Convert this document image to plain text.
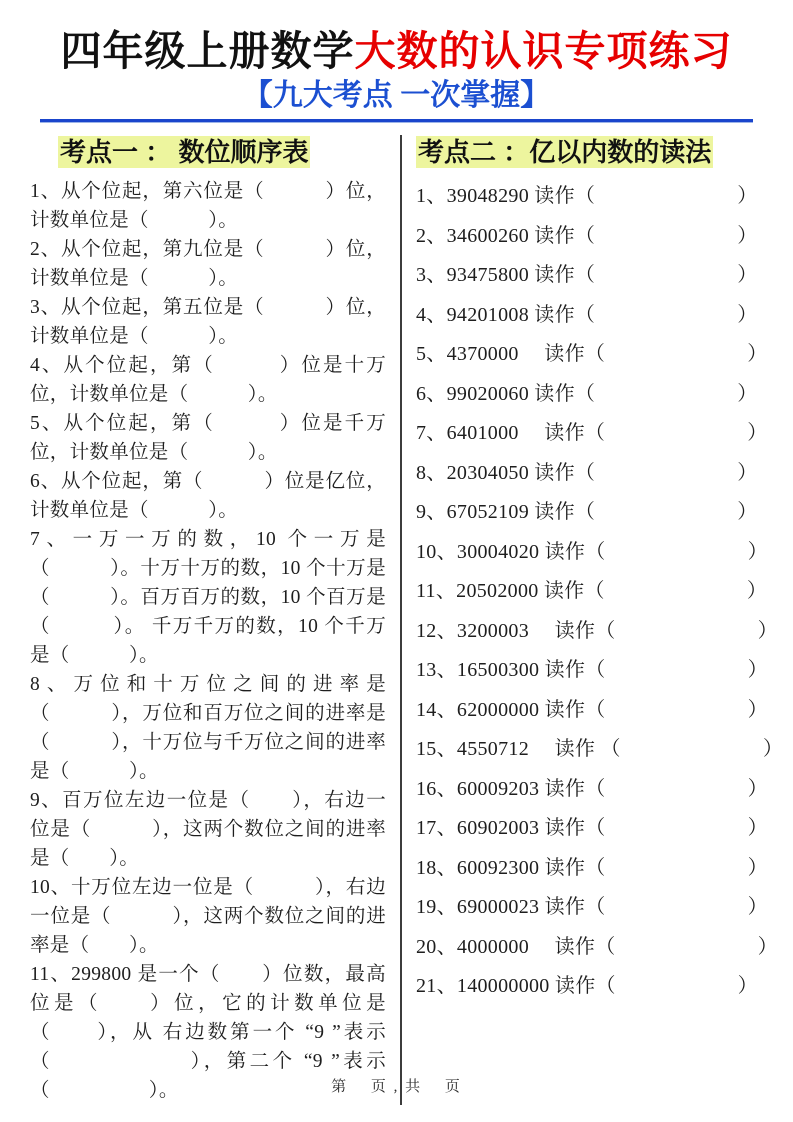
四年级上册数学大数的认识专项练习
【九大考点 一次掌握】
考点一 ： 数位顺序表

1、从个位起，第六位是（　　　）位，计数单位是（　　　）。

2、从个位起，第九位是（　　　）位，计数单位是（　　　）。

3、从个位起，第五位是（　　　）位，计数单位是（　　　）。

4、从个位起，第（　　　）位是十万位，计数单位是（　　　）。

5、从个位起，第（　　　）位是千万位，计数单位是（　　　）。

6、从个位起，第（　　　）位是亿位，计数单位是（　　　）。

7、一万一万的数，10 个一万是（　　　）。十万十万的数，10 个十万是（　　　）。百万百万的数，10 个百万是（　　　）。 千万千万的数，10 个千万是（　　　）。

8、万位和十万位之间的进率是（　　　），万位和百万位之间的进率是（　　　），十万位与千万位之间的进率是（　　　）。

9、百万位左边一位是（　　），右边一位是（　　　），这两个数位之间的进率是（　　）。

10、十万位左边一位是（　　　），右边一位是（　　　），这两个数位之间的进率是（　　）。

11、299800 是一个（　　）位数，最高位是（　　）位，它的计数单位是（　　），从 右边数第一个 “9 ”表示（　　　　　　），第二个 “9 ”表示（　　　　　）。

考点二 ：亿以内数的读法
1、39048290 读作（　　　　　　　）
2、34600260 读作（　　　　　　　）
3、93475800 读作（　　　　　　　）
4、94201008 读作（　　　　　　　）
5、4370000　 读作（　　　　　　　）
6、99020060 读作（　　　　　　　）
7、6401000　 读作（　　　　　　　）
8、20304050 读作（　　　　　　　）
9、67052109 读作（　　　　　　　）
10、30004020 读作（　　　　　　　）
11、20502000 读作（　　　　　　　）
12、3200003　 读作（　　　　　　　）
13、16500300 读作（　　　　　　　）
14、62000000 读作（　　　　　　　）
15、4550712　 读作 （　　　　　　　）
16、60009203 读作（　　　　　　　）
17、60902003 读作（　　　　　　　）
18、60092300 读作（　　　　　　　）
19、69000023 读作（　　　　　　　）
20、4000000　 读作（　　　　　　　）
21、140000000 读作（　　　　　　）
第　 页 , 共　 页
